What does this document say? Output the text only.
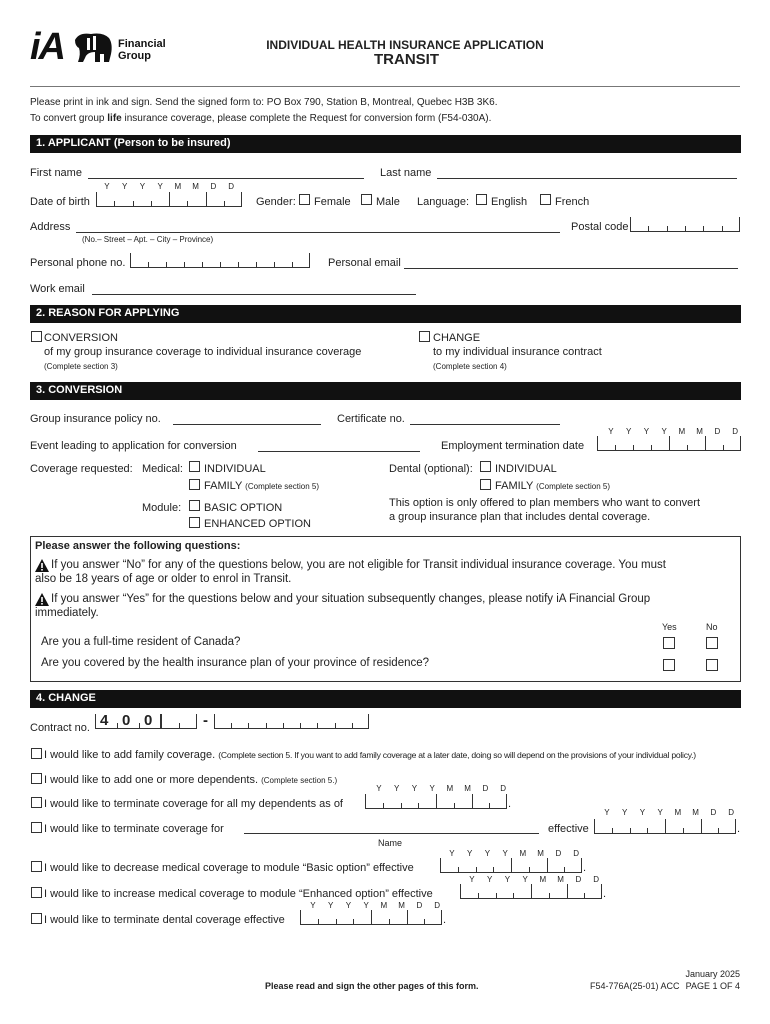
iA	Financial
Group
INDIVIDUAL HEALTH INSURANCE APPLICATION
TRANSIT
Please print in ink and sign. Send the signed form to: PO Box 790, Station B, Montreal, Quebec H3B 3K6.
To convert group life insurance coverage, please complete the Request for conversion form (F54-030A).
1. APPLICANT (Person to be insured)
First name	Last name
Y Y Y Y M M D D
Date of birth	Gender: Female Male Language: English	French
Address
(No.– Street – Apt. – City – Province)
Postal code
Personal phone no.	Personal email
Work email
2. REASON FOR APPLYING
CONVERSION
of my group insurance coverage to individual insurance coverage
(Complete section 3)
CHANGE
to my individual insurance contract
(Complete section 4)
3. CONVERSION
Group insurance policy no.	Certificate no.
Y Y Y Y M M D D
Event leading to application for conversion	Employment termination date
Coverage requested: Medical: INDIVIDUAL
FAMILY (Complete section 5)
Dental (optional): INDIVIDUAL
FAMILY (Complete section 5)
Module: BASIC OPTION
ENHANCED OPTION
This option is only offered to plan members who want to convert
a group insurance plan that includes dental coverage.
Please answer the following questions:
If you answer “No” for any of the questions below, you are not eligible for Transit individual insurance coverage. You must
also be 18 years of age or older to enrol in Transit.
If you answer “Yes” for the questions below and your situation subsequently changes, please notify iA Financial Group
immediately.
Yes	No
Are you a full-time resident of Canada?
Are you covered by the health insurance plan of your province of residence?
4. CHANGE
Contract no. 4 0 0	-
I would like to add family coverage. (Complete section 5. If you want to add family coverage at a later date, doing so will depend on the provisions of your individual policy.)
I would like to add one or more dependents. (Complete section 5.)
Y Y Y Y M M D D
I would like to terminate coverage for all my dependents as of	.
Y Y Y Y M M D D
I would like to terminate coverage for	effective	.
Name
Y Y Y Y M M D D
I would like to decrease medical coverage to module “Basic option” effective	.
Y Y Y Y M M D D
I would like to increase medical coverage to module “Enhanced option” effective	.
Y Y Y Y M M D D
I would like to terminate dental coverage effective	.
Please read and sign the other pages of this form.
January 2025
F54-776A(25-01) ACC PAGE 1 OF 4
